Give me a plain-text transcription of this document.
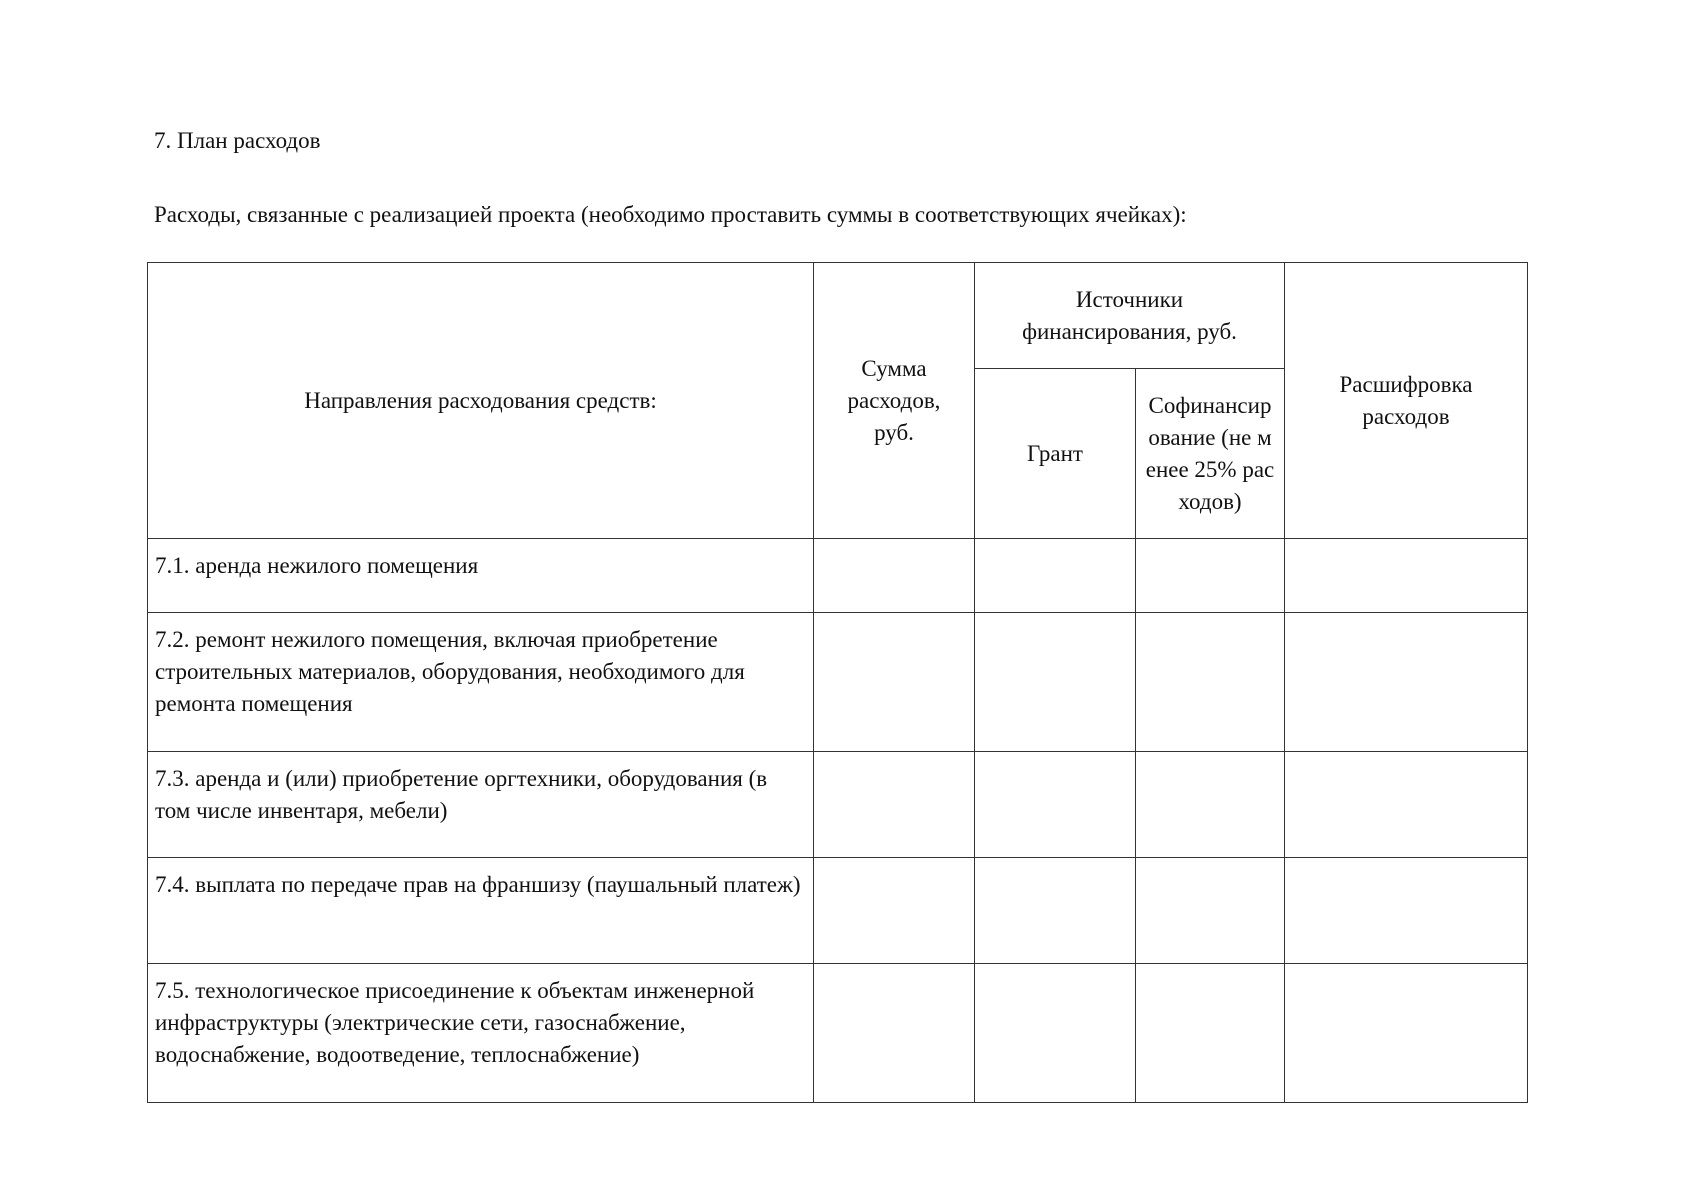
7. План расходов

Расходы, связанные с реализацией проекта (необходимо проставить суммы в соответствующих ячейках):

Направления расходования средств:	Сумма расходов, руб.	Источники финансирования, руб.		Расшифровка расходов

		Грант	Софинансир ование (не менее 25% расходов)	

7.1. аренда нежилого помещения				
7.2. ремонт нежилого помещения, включая приобретение строительных материалов, оборудования, необходимого для ремонта помещения				
7.3. аренда и (или) приобретение оргтехники, оборудования (в том числе инвентаря, мебели)				
7.4. выплата по передаче прав на франшизу (паушальный платеж)				
7.5. технологическое присоединение к объектам инженерной инфраструктуры (электрические сети, газоснабжение, водоснабжение, водоотведение, теплоснабжение)				
